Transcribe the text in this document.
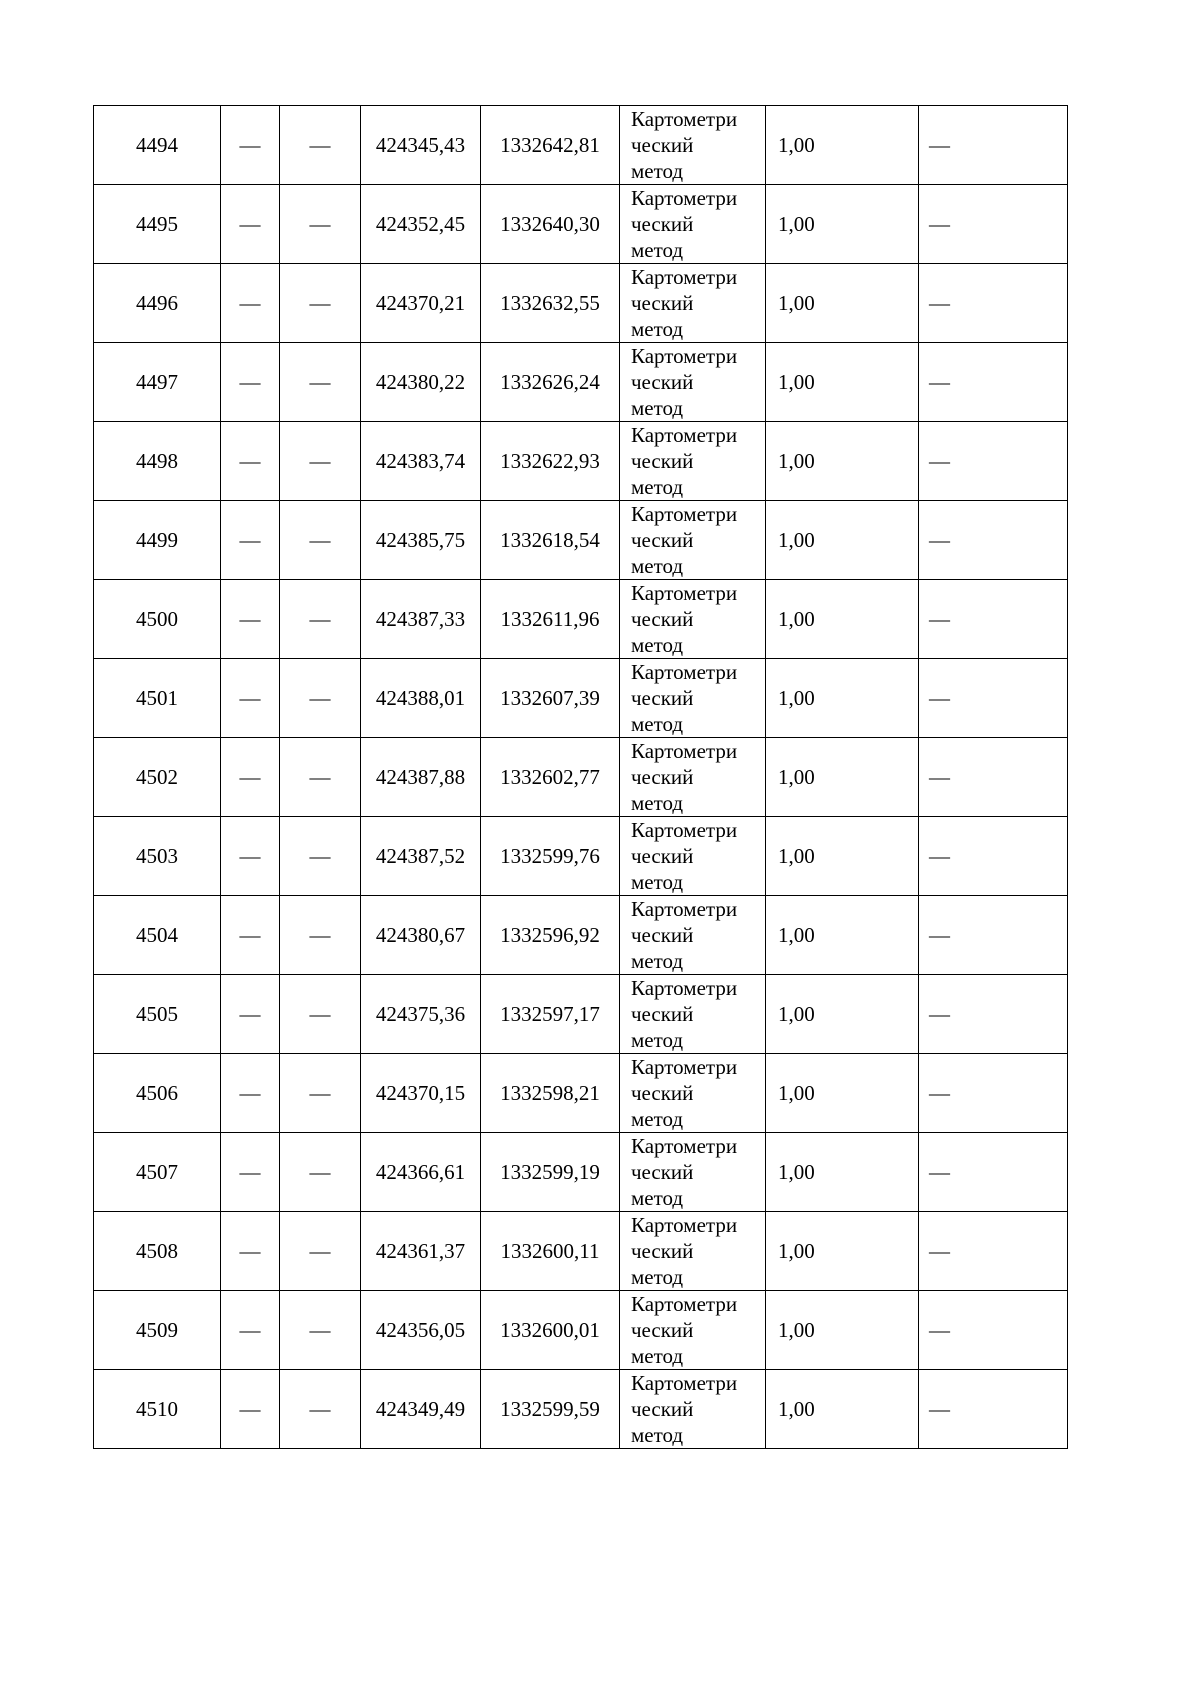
4494	—	—	424345,43	1332642,81	Картометри
ческий
метод	1,00	—
4495	—	—	424352,45	1332640,30	Картометри
ческий
метод	1,00	—
4496	—	—	424370,21	1332632,55	Картометри
ческий
метод	1,00	—
4497	—	—	424380,22	1332626,24	Картометри
ческий
метод	1,00	—
4498	—	—	424383,74	1332622,93	Картометри
ческий
метод	1,00	—
4499	—	—	424385,75	1332618,54	Картометри
ческий
метод	1,00	—
4500	—	—	424387,33	1332611,96	Картометри
ческий
метод	1,00	—
4501	—	—	424388,01	1332607,39	Картометри
ческий
метод	1,00	—
4502	—	—	424387,88	1332602,77	Картометри
ческий
метод	1,00	—
4503	—	—	424387,52	1332599,76	Картометри
ческий
метод	1,00	—
4504	—	—	424380,67	1332596,92	Картометри
ческий
метод	1,00	—
4505	—	—	424375,36	1332597,17	Картометри
ческий
метод	1,00	—
4506	—	—	424370,15	1332598,21	Картометри
ческий
метод	1,00	—
4507	—	—	424366,61	1332599,19	Картометри
ческий
метод	1,00	—
4508	—	—	424361,37	1332600,11	Картометри
ческий
метод	1,00	—
4509	—	—	424356,05	1332600,01	Картометри
ческий
метод	1,00	—
4510	—	—	424349,49	1332599,59	Картометри
ческий
метод	1,00	—
